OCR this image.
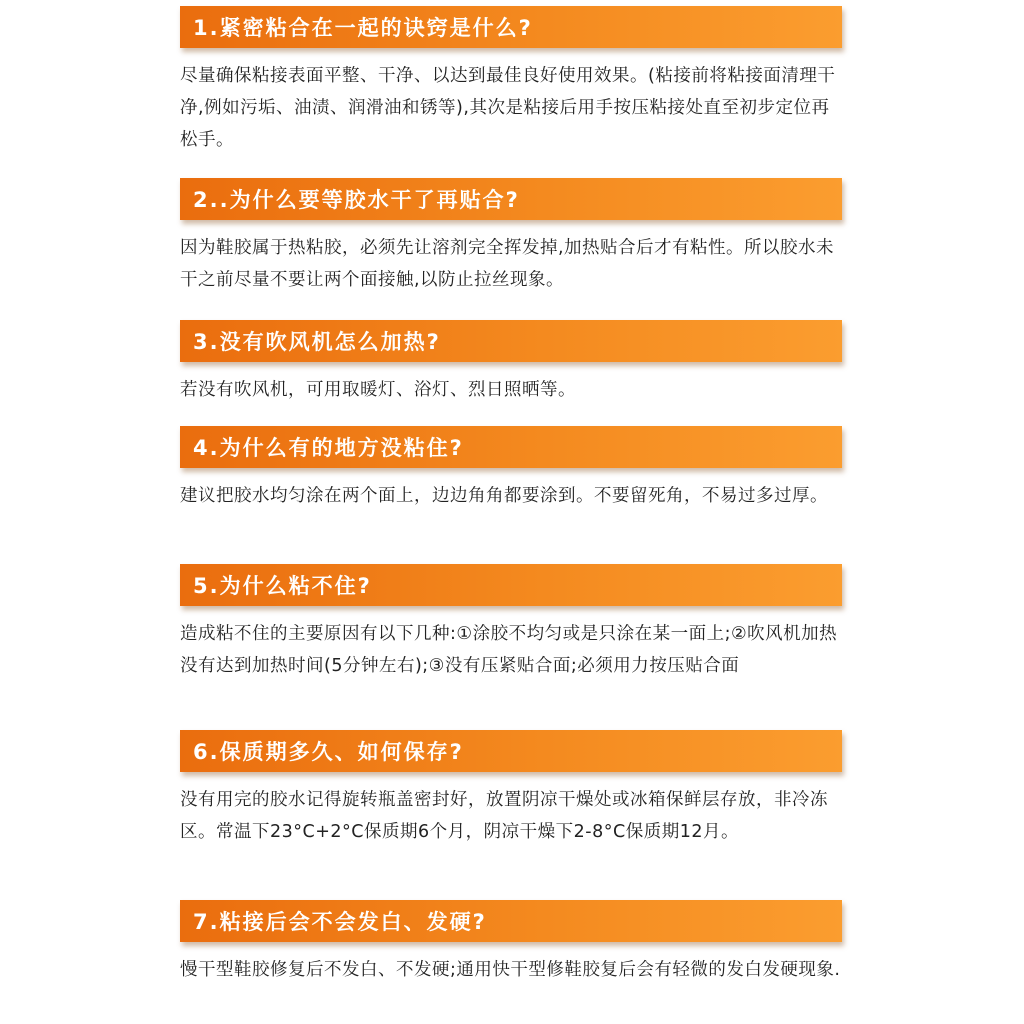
1.紧密粘合在一起的诀窍是什么?

尽量确保粘接表面平整、干净、以达到最佳良好使用效果。(粘接前将粘接面清理干净,例如污垢、油渍、润滑油和锈等),其次是粘接后用手按压粘接处直至初步定位再松手。

2..为什么要等胶水干了再贴合?

因为鞋胶属于热粘胶，必须先让溶剂完全挥发掉,加热贴合后才有粘性。所以胶水未干之前尽量不要让两个面接触,以防止拉丝现象。

3.没有吹风机怎么加热?

若没有吹风机，可用取暖灯、浴灯、烈日照晒等。

4.为什么有的地方没粘住?

建议把胶水均匀涂在两个面上，边边角角都要涂到。不要留死角，不易过多过厚。

5.为什么粘不住?

造成粘不住的主要原因有以下几种:①涂胶不均匀或是只涂在某一面上;②吹风机加热没有达到加热时间(5分钟左右);③没有压紧贴合面;必须用力按压贴合面

6.保质期多久、如何保存?

没有用完的胶水记得旋转瓶盖密封好，放置阴凉干燥处或冰箱保鲜层存放，非冷冻区。常温下23°C+2°C保质期6个月，阴凉干燥下2-8°C保质期12月。

7.粘接后会不会发白、发硬?

慢干型鞋胶修复后不发白、不发硬;通用快干型修鞋胶复后会有轻微的发白发硬现象.
